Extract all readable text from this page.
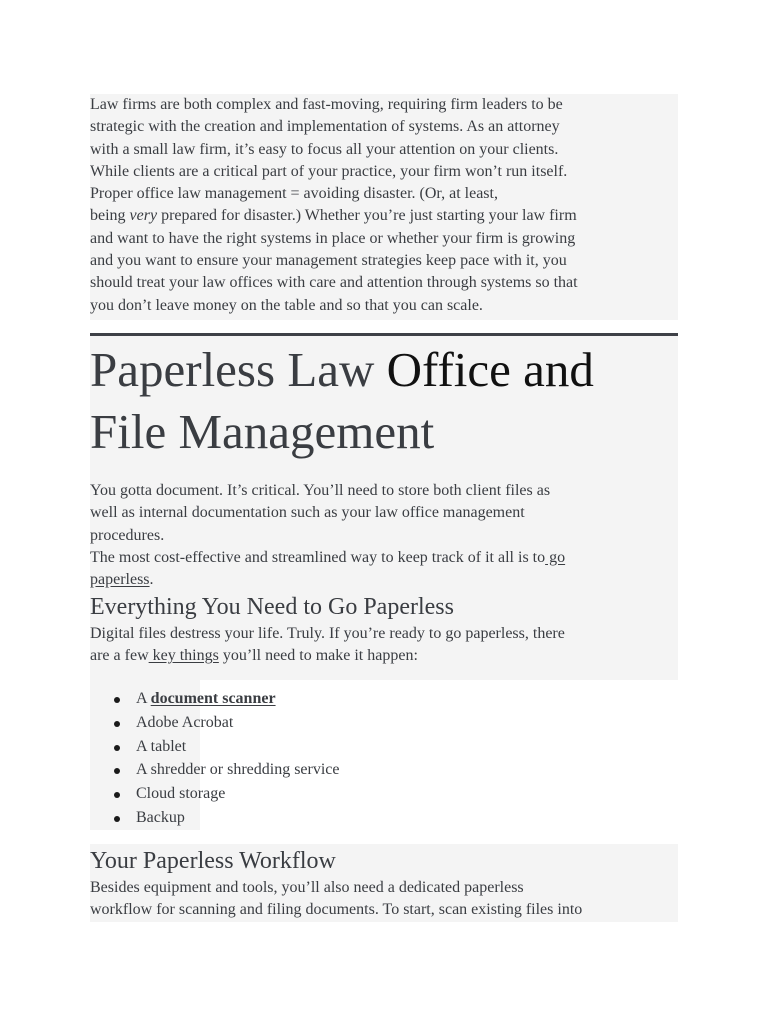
Law firms are both complex and fast-moving, requiring firm leaders to be
strategic with the creation and implementation of systems. As an attorney
with a small law firm, it’s easy to focus all your attention on your clients.
While clients are a critical part of your practice, your firm won’t run itself.
Proper office law management = avoiding disaster. (Or, at least,
being very prepared for disaster.) Whether you’re just starting your law firm
and want to have the right systems in place or whether your firm is growing
and you want to ensure your management strategies keep pace with it, you
should treat your law offices with care and attention through systems so that
you don’t leave money on the table and so that you can scale.
Paperless Law Office and
File Management
You gotta document. It’s critical. You’ll need to store both client files as
well as internal documentation such as your law office management
procedures.
The most cost-effective and streamlined way to keep track of it all is to go
paperless.
Everything You Need to Go Paperless
Digital files destress your life. Truly. If you’re ready to go paperless, there
are a few key things you’ll need to make it happen:
A document scanner
Adobe Acrobat
A tablet
A shredder or shredding service
Cloud storage
Backup
Your Paperless Workflow
Besides equipment and tools, you’ll also need a dedicated paperless
workflow for scanning and filing documents. To start, scan existing files into
